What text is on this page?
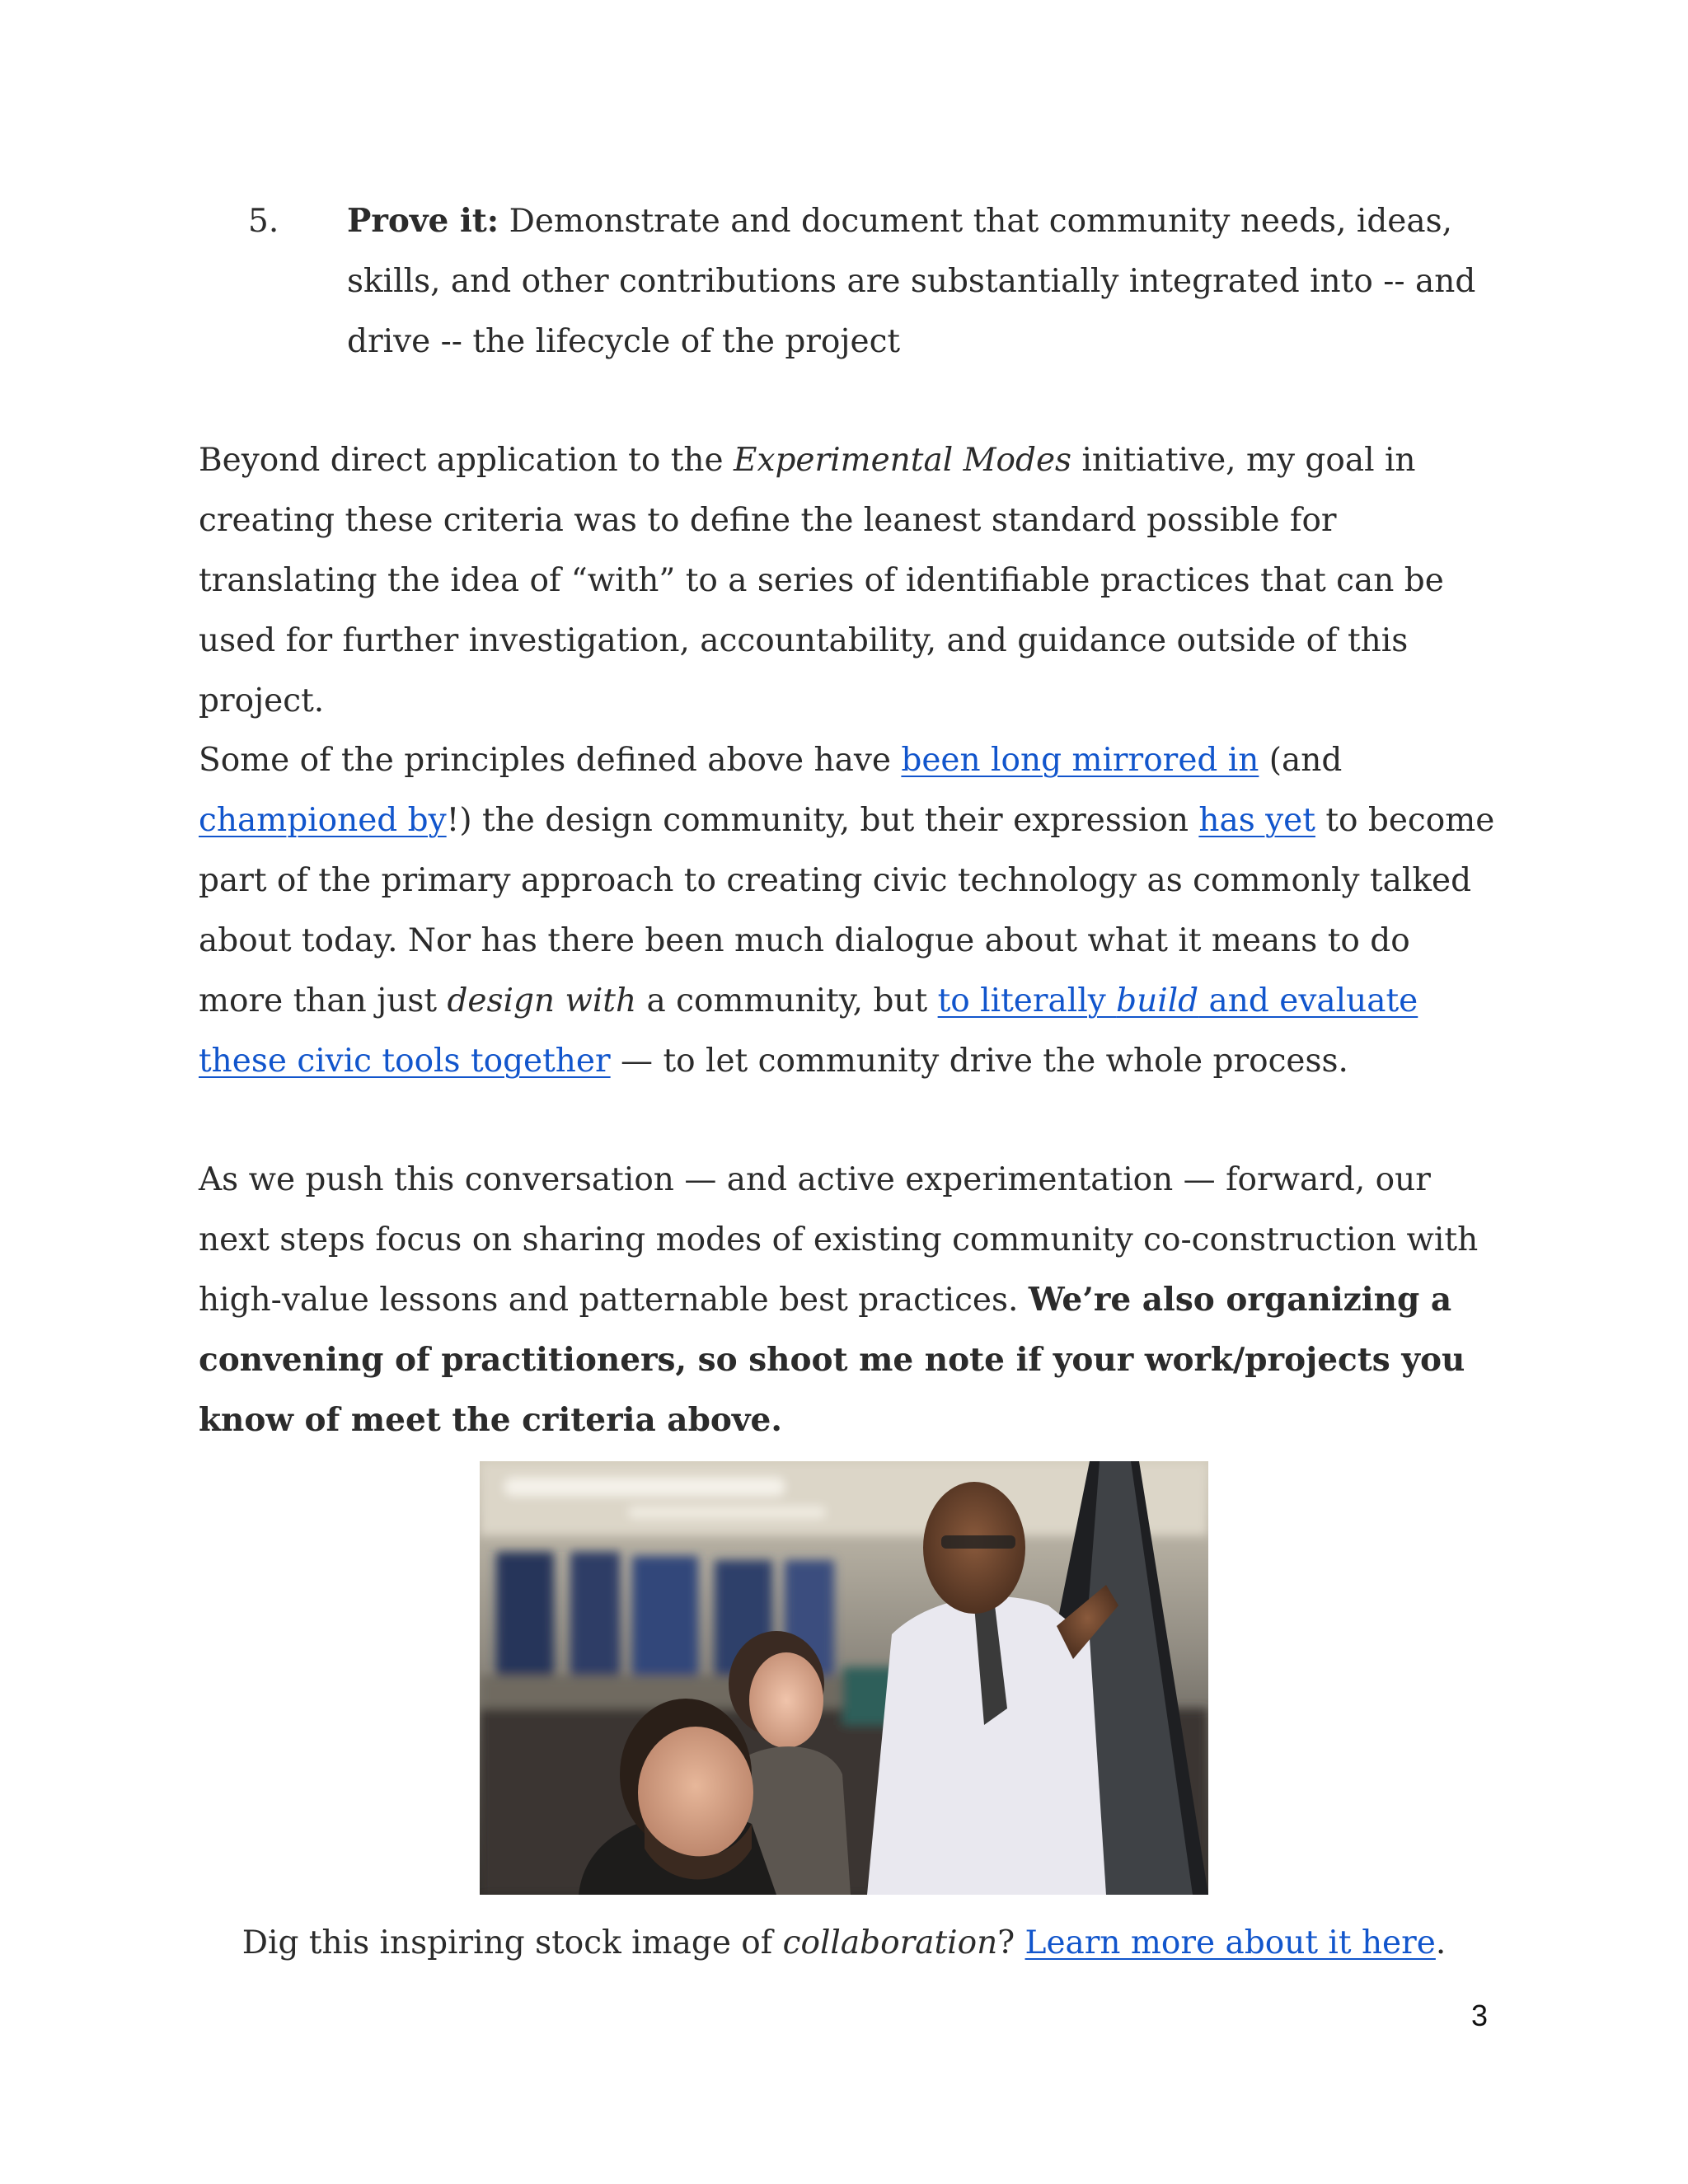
5.	Prove it: Demonstrate and document that community needs, ideas, skills, and other contributions are substantially integrated into -- and drive -- the lifecycle of the project

Beyond direct application to the Experimental Modes initiative, my goal in creating these criteria was to define the leanest standard possible for translating the idea of “with” to a series of identifiable practices that can be used for further investigation, accountability, and guidance outside of this project.

Some of the principles defined above have been long mirrored in (and championed by!) the design community, but their expression has yet to become part of the primary approach to creating civic technology as commonly talked about today. Nor has there been much dialogue about what it means to do more than just design with a community, but to literally build and evaluate these civic tools together — to let community drive the whole process.

As we push this conversation — and active experimentation — forward, our next steps focus on sharing modes of existing community co-construction with high-value lessons and patternable best practices. We’re also organizing a convening of practitioners, so shoot me note if your work/projects you know of meet the criteria above.

Dig this inspiring stock image of collaboration? Learn more about it here.
3
